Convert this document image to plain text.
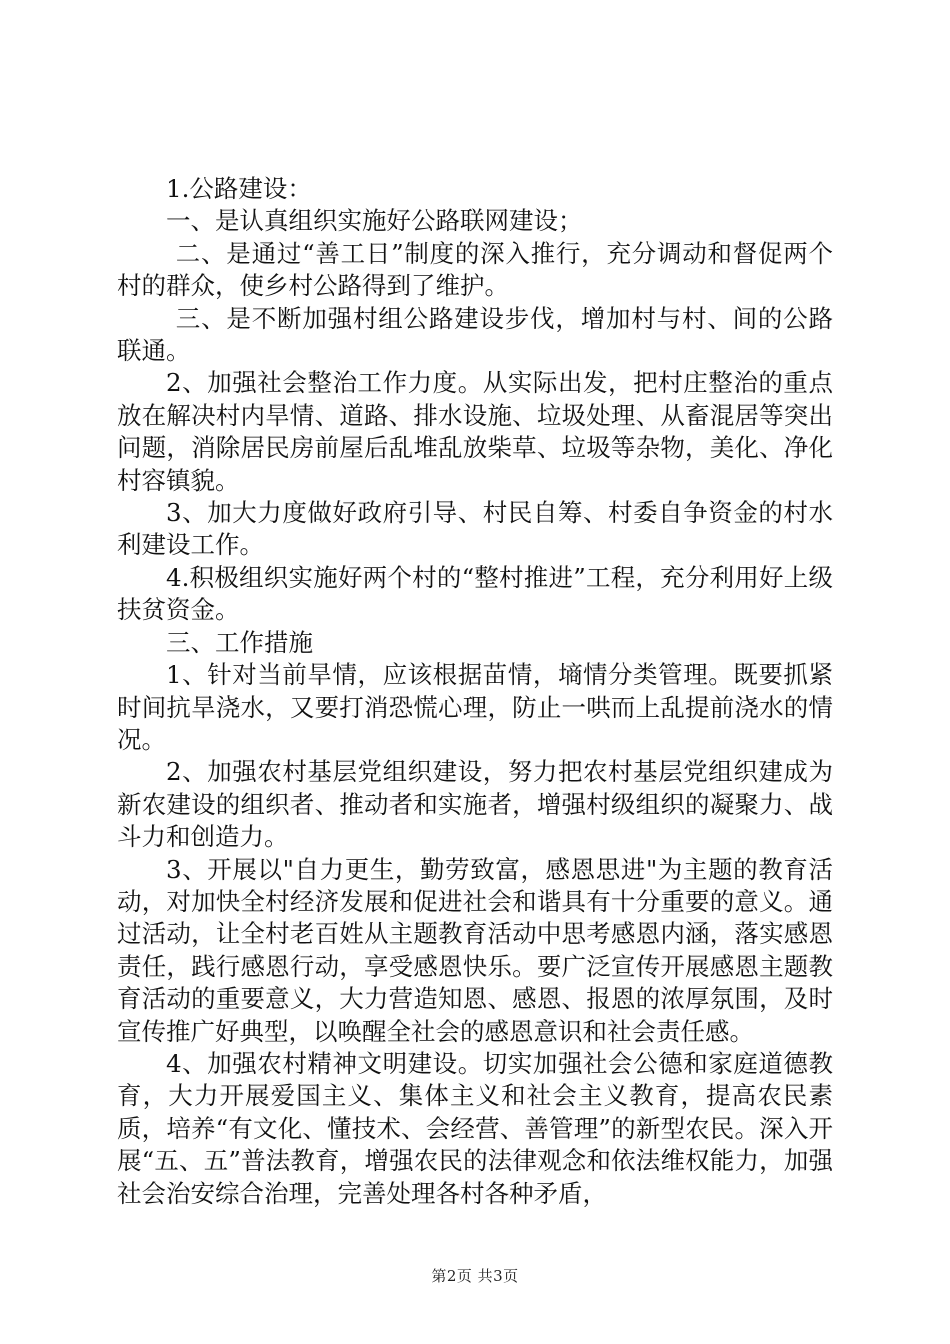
1.公路建设：

一、是认真组织实施好公路联网建设；

二、是通过“善工日”制度的深入推行，充分调动和督促两个村的群众，使乡村公路得到了维护。

三、是不断加强村组公路建设步伐，增加村与村、间的公路联通。

2、加强社会整治工作力度。从实际出发，把村庄整治的重点放在解决村内旱情、道路、排水设施、垃圾处理、从畜混居等突出问题，消除居民房前屋后乱堆乱放柴草、垃圾等杂物，美化、净化村容镇貌。

3、加大力度做好政府引导、村民自筹、村委自争资金的村水利建设工作。

4.积极组织实施好两个村的“整村推进”工程，充分利用好上级扶贫资金。

三、工作措施

1、针对当前旱情，应该根据苗情，墒情分类管理。既要抓紧时间抗旱浇水，又要打消恐慌心理，防止一哄而上乱提前浇水的情况。

2、加强农村基层党组织建设，努力把农村基层党组织建成为新农建设的组织者、推动者和实施者，增强村级组织的凝聚力、战斗力和创造力。

3、开展以"自力更生，勤劳致富，感恩思进"为主题的教育活动，对加快全村经济发展和促进社会和谐具有十分重要的意义。通过活动，让全村老百姓从主题教育活动中思考感恩内涵，落实感恩责任，践行感恩行动，享受感恩快乐。要广泛宣传开展感恩主题教育活动的重要意义，大力营造知恩、感恩、报恩的浓厚氛围，及时宣传推广好典型，以唤醒全社会的感恩意识和社会责任感。

4、加强农村精神文明建设。切实加强社会公德和家庭道德教育，大力开展爱国主义、集体主义和社会主义教育，提高农民素质，培养“有文化、懂技术、会经营、善管理”的新型农民。深入开展“五、五”普法教育，增强农民的法律观念和依法维权能力，加强社会治安综合治理，完善处理各村各种矛盾，

第2页 共3页
